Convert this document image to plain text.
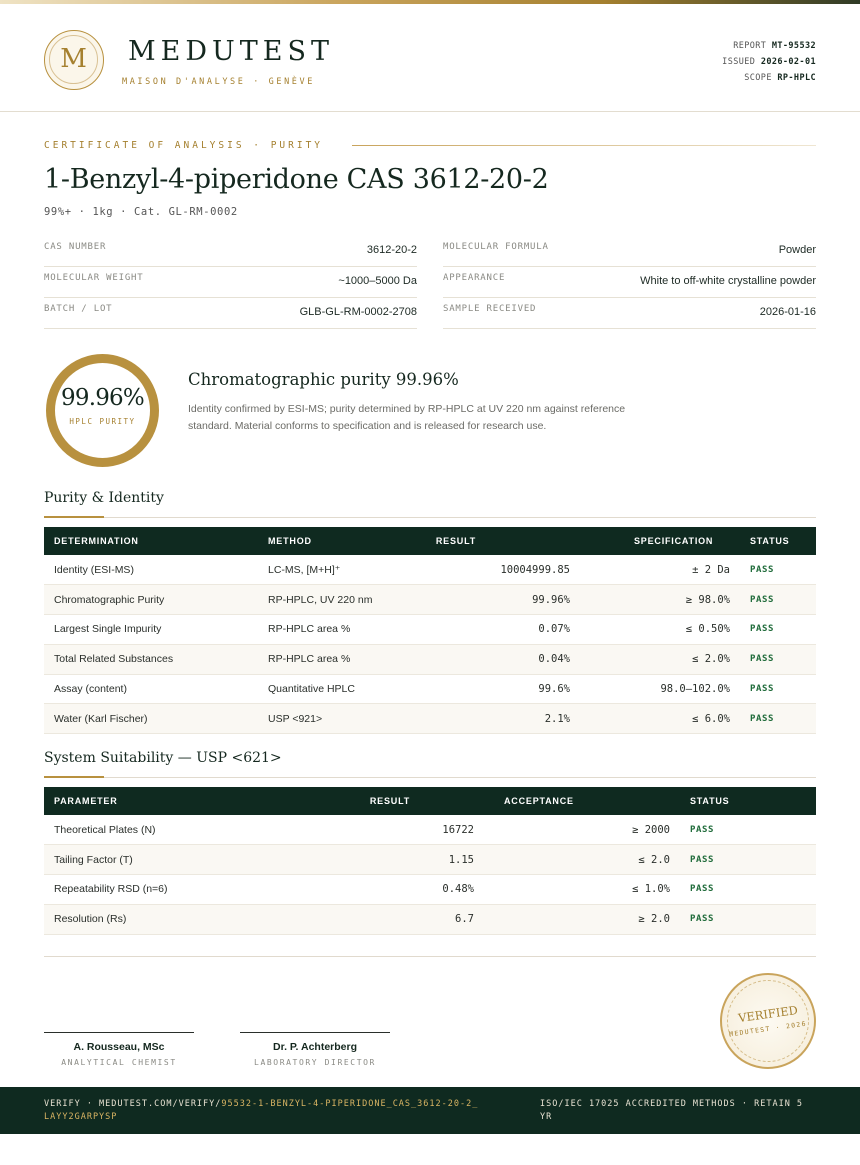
M	MEDUTEST
MAISON D'ANALYSE · GENÈVE
REPORT MT-95532
ISSUED 2026-02-01
SCOPE RP-HPLC
CERTIFICATE OF ANALYSIS · PURITY
1-Benzyl-4-piperidone CAS 3612-20-2
99%+ · 1kg · Cat. GL-RM-0002
CAS NUMBER	3612-20-2	MOLECULAR FORMULA	Powder
MOLECULAR WEIGHT	~1000–5000 Da	APPEARANCE	White to off-white crystalline powder
BATCH / LOT	GLB-GL-RM-0002-2708	SAMPLE RECEIVED	2026-01-16
99.96%
HPLC PURITY
Chromatographic purity 99.96%
Identity confirmed by ESI-MS; purity determined by RP-HPLC at UV 220 nm against reference standard. Material conforms to specification and is released for research use.
Purity & Identity
DETERMINATION	METHOD	RESULT	SPECIFICATION	STATUS
Identity (ESI-MS)	LC-MS, [M+H]⁺	10004999.85	± 2 Da	PASS
Chromatographic Purity	RP-HPLC, UV 220 nm	99.96%	≥ 98.0%	PASS
Largest Single Impurity	RP-HPLC area %	0.07%	≤ 0.50%	PASS
Total Related Substances	RP-HPLC area %	0.04%	≤ 2.0%	PASS
Assay (content)	Quantitative HPLC	99.6%	98.0–102.0%	PASS
Water (Karl Fischer)	USP <921>	2.1%	≤ 6.0%	PASS
System Suitability — USP <621>
PARAMETER	RESULT	ACCEPTANCE	STATUS
Theoretical Plates (N)	16722	≥ 2000	PASS
Tailing Factor (T)	1.15	≤ 2.0	PASS
Repeatability RSD (n=6)	0.48%	≤ 1.0%	PASS
Resolution (Rs)	6.7	≥ 2.0	PASS
A. Rousseau, MSc
ANALYTICAL CHEMIST
Dr. P. Achterberg
LABORATORY DIRECTOR
VERIFIED
MEDUTEST · 2026
VERIFY · MEDUTEST.COM/VERIFY/95532-1-BENZYL-4-PIPERIDONE_CAS_3612-20-2_LAYY2GARPYSP
ISO/IEC 17025 ACCREDITED METHODS · RETAIN 5 YR
